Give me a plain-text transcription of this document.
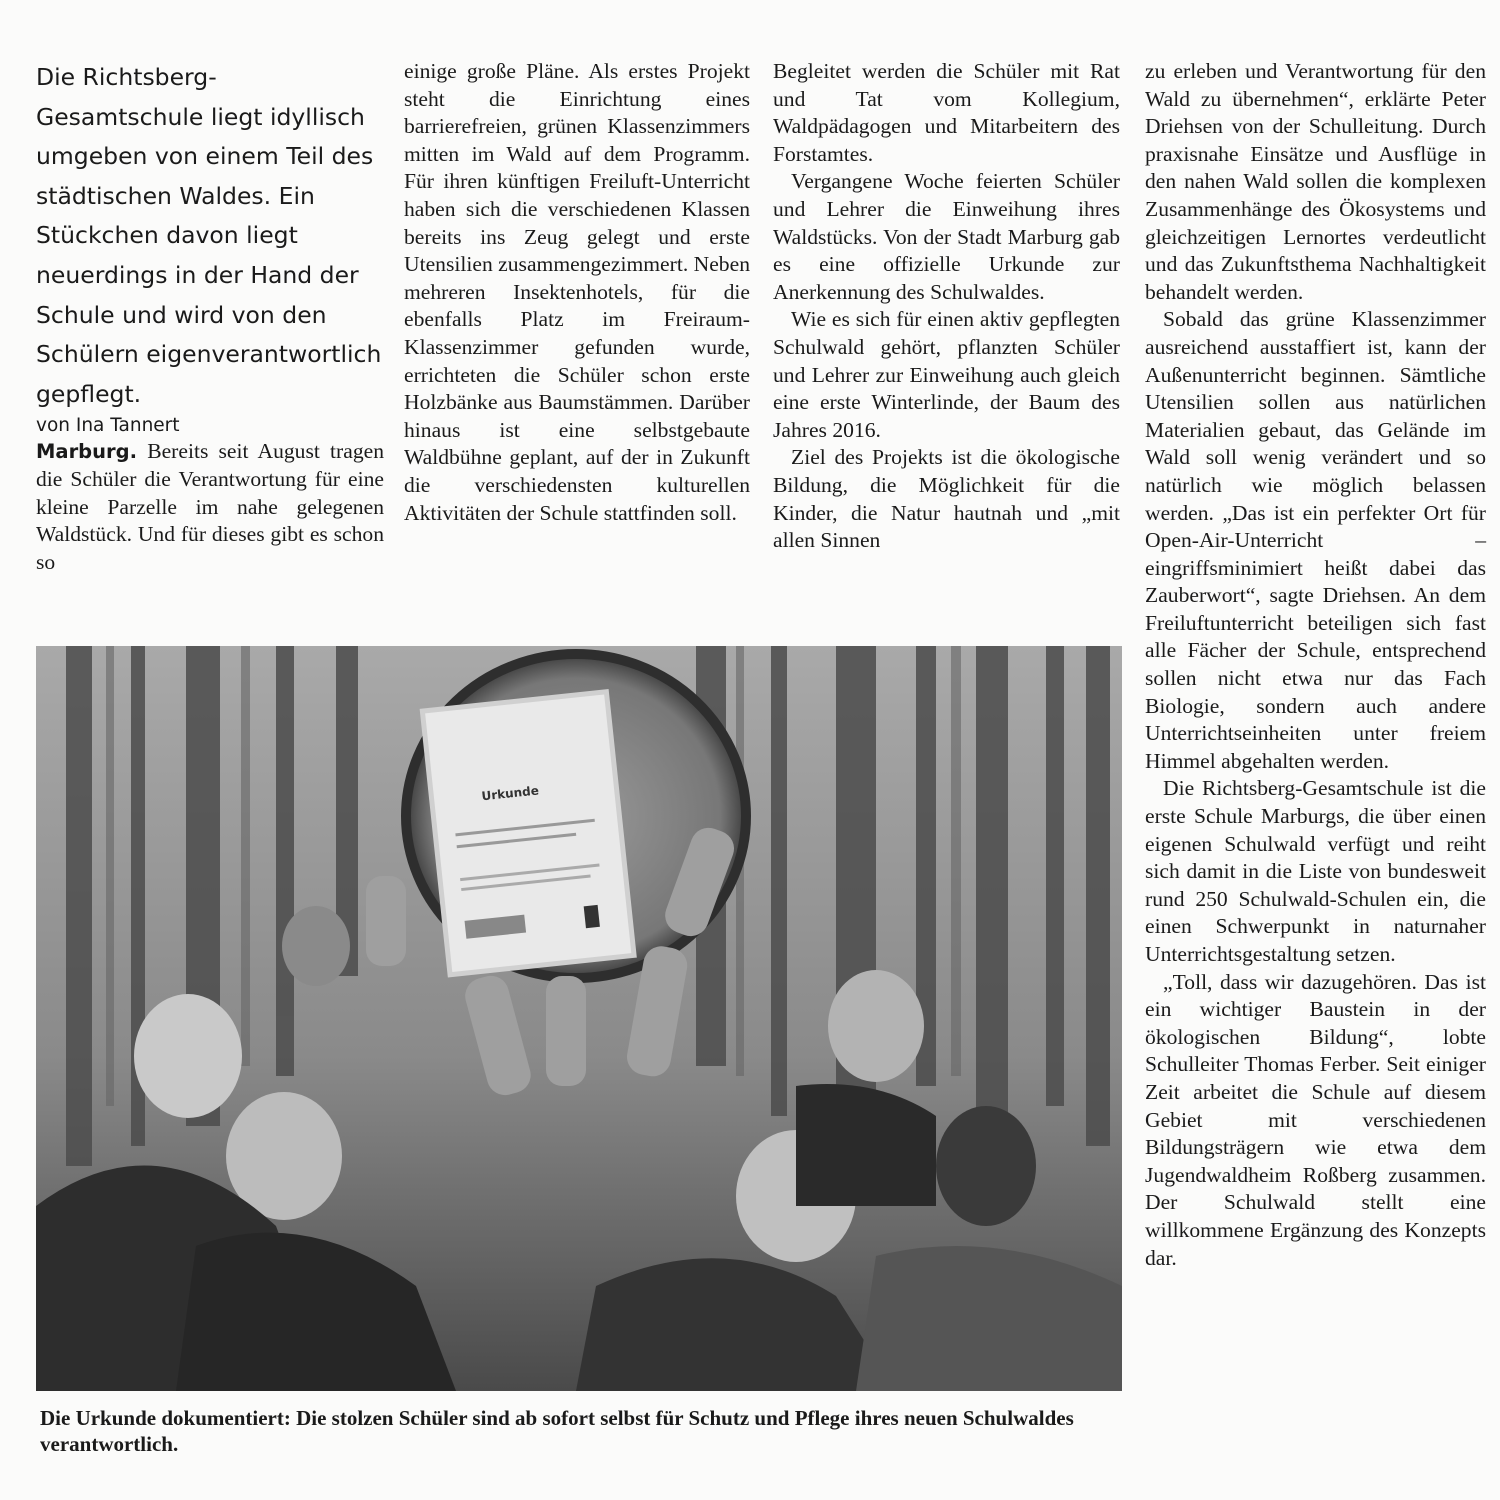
Die Richtsberg-Gesamtschule liegt idyllisch umgeben von einem Teil des städtischen Waldes. Ein Stückchen davon liegt neuerdings in der Hand der Schule und wird von den Schülern eigenverantwortlich gepflegt.

von Ina Tannert

Marburg. Bereits seit August tragen die Schüler die Verantwortung für eine kleine Parzelle im nahe gelegenen Waldstück. Und für dieses gibt es schon so

einige große Pläne. Als erstes Projekt steht die Einrichtung eines barrierefreien, grünen Klassenzimmers mitten im Wald auf dem Programm. Für ihren künftigen Freiluft-Unterricht haben sich die verschiedenen Klassen bereits ins Zeug gelegt und erste Utensilien zusammengezimmert. Neben mehreren Insektenhotels, für die ebenfalls Platz im Freiraum-Klassenzimmer gefunden wurde, errichteten die Schüler schon erste Holzbänke aus Baumstämmen. Darüber hinaus ist eine selbstgebaute Waldbühne geplant, auf der in Zukunft die verschiedensten kulturellen Aktivitäten der Schule stattfinden soll.

Begleitet werden die Schüler mit Rat und Tat vom Kollegium, Waldpädagogen und Mitarbeitern des Forstamtes.

Vergangene Woche feierten Schüler und Lehrer die Einweihung ihres Waldstücks. Von der Stadt Marburg gab es eine offizielle Urkunde zur Anerkennung des Schulwaldes.

Wie es sich für einen aktiv gepflegten Schulwald gehört, pflanzten Schüler und Lehrer zur Einweihung auch gleich eine erste Winterlinde, der Baum des Jahres 2016.

Ziel des Projekts ist die ökologische Bildung, die Möglichkeit für die Kinder, die Natur hautnah und „mit allen Sinnen

zu erleben und Verantwortung für den Wald zu übernehmen“, erklärte Peter Driehsen von der Schulleitung. Durch praxisnahe Einsätze und Ausflüge in den nahen Wald sollen die komplexen Zusammenhänge des Ökosystems und gleichzeitigen Lernortes verdeutlicht und das Zukunftsthema Nachhaltigkeit behandelt werden.

Sobald das grüne Klassenzimmer ausreichend ausstaffiert ist, kann der Außenunterricht beginnen. Sämtliche Utensilien sollen aus natürlichen Materialien gebaut, das Gelände im Wald soll wenig verändert und so natürlich wie möglich belassen werden. „Das ist ein perfekter Ort für Open-Air-Unterricht – eingriffsminimiert heißt dabei das Zauberwort“, sagte Driehsen. An dem Freiluftunterricht beteiligen sich fast alle Fächer der Schule, entsprechend sollen nicht etwa nur das Fach Biologie, sondern auch andere Unterrichtseinheiten unter freiem Himmel abgehalten werden.

Die Richtsberg-Gesamtschule ist die erste Schule Marburgs, die über einen eigenen Schulwald verfügt und reiht sich damit in die Liste von bundesweit rund 250 Schulwald-Schulen ein, die einen Schwerpunkt in naturnaher Unterrichtsgestaltung setzen.

„Toll, dass wir dazugehören. Das ist ein wichtiger Baustein in der ökologischen Bildung“, lobte Schulleiter Thomas Ferber. Seit einiger Zeit arbeitet die Schule auf diesem Gebiet mit verschiedenen Bildungsträgern wie etwa dem Jugendwaldheim Roßberg zusammen. Der Schulwald stellt eine willkommene Ergänzung des Konzepts dar.

Urkunde
Die Urkunde dokumentiert: Die stolzen Schüler sind ab sofort selbst für Schutz und Pflege ihres neuen Schulwaldes verantwortlich.
